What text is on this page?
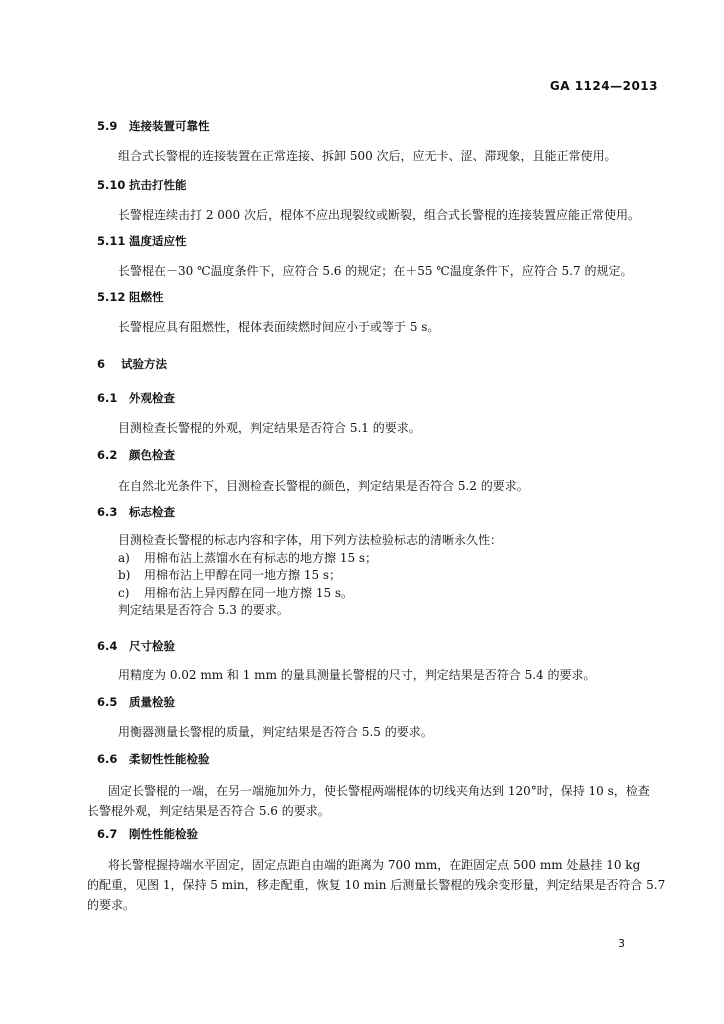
GA 1124—2013
5.9 连接装置可靠性
组合式长警棍的连接装置在正常连接、拆卸 500 次后，应无卡、涩、滞现象，且能正常使用。
5.10 抗击打性能
长警棍连续击打 2 000 次后，棍体不应出现裂纹或断裂，组合式长警棍的连接装置应能正常使用。
5.11 温度适应性
长警棍在－30 ℃温度条件下，应符合 5.6 的规定；在＋55 ℃温度条件下，应符合 5.7 的规定。
5.12 阻燃性
长警棍应具有阻燃性，棍体表面续燃时间应小于或等于 5 s。
6 试验方法
6.1 外观检查
目测检查长警棍的外观，判定结果是否符合 5.1 的要求。
6.2 颜色检查
在自然北光条件下，目测检查长警棍的颜色，判定结果是否符合 5.2 的要求。
6.3 标志检查
目测检查长警棍的标志内容和字体，用下列方法检验标志的清晰永久性：
a) 用棉布沾上蒸馏水在有标志的地方擦 15 s；
b) 用棉布沾上甲醇在同一地方擦 15 s；
c) 用棉布沾上异丙醇在同一地方擦 15 s。
判定结果是否符合 5.3 的要求。
6.4 尺寸检验
用精度为 0.02 mm 和 1 mm 的量具测量长警棍的尺寸，判定结果是否符合 5.4 的要求。
6.5 质量检验
用衡器测量长警棍的质量，判定结果是否符合 5.5 的要求。
6.6 柔韧性性能检验
固定长警棍的一端，在另一端施加外力，使长警棍两端棍体的切线夹角达到 120°时，保持 10 s，检查
长警棍外观，判定结果是否符合 5.6 的要求。
6.7 刚性性能检验
将长警棍握持端水平固定，固定点距自由端的距离为 700 mm，在距固定点 500 mm 处悬挂 10 kg
的配重，见图 1，保持 5 min，移走配重，恢复 10 min 后测量长警棍的残余变形量，判定结果是否符合 5.7
的要求。
3
